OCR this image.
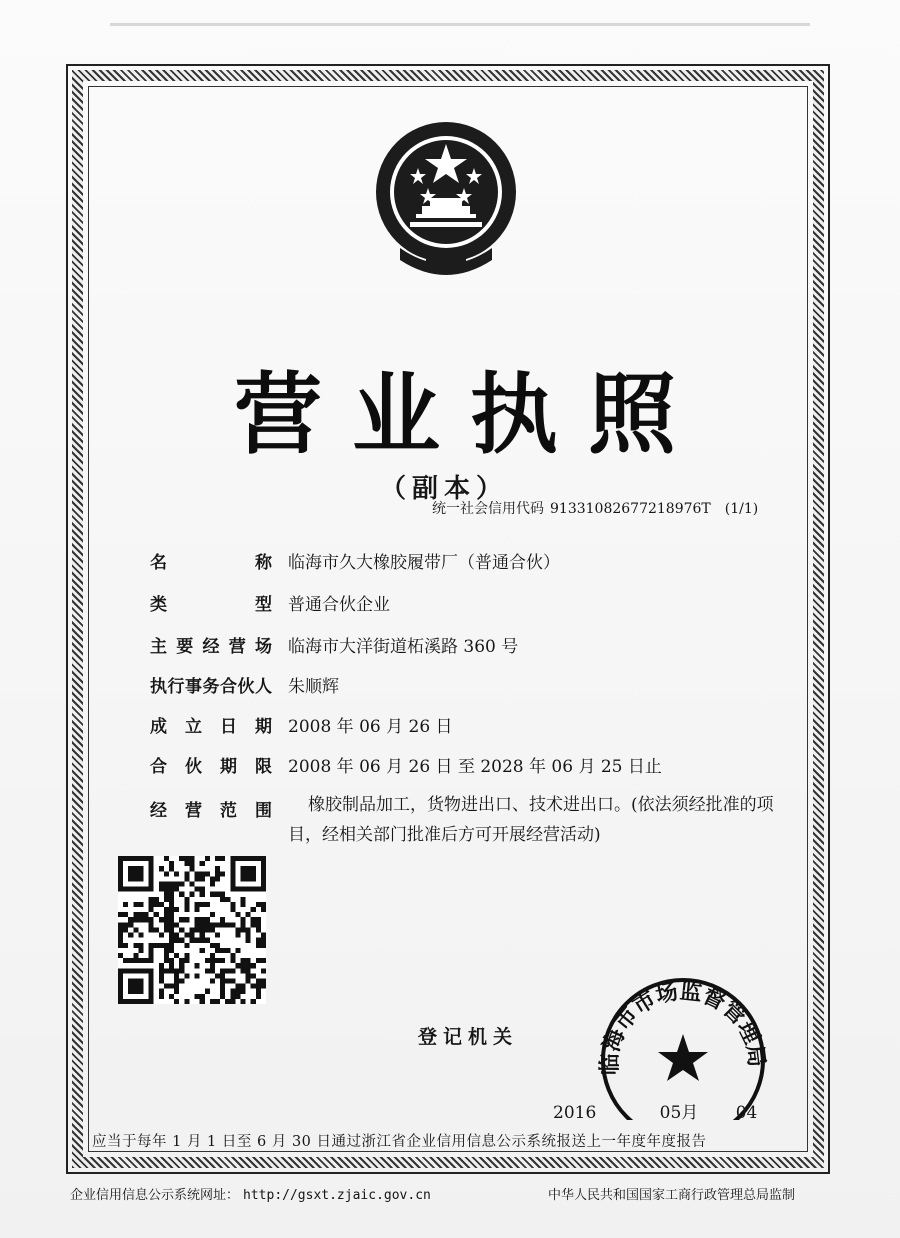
营业执照
（副本）
统一社会信用代码 91331082677218976T (1/1)
名称 临海市久大橡胶履带厂（普通合伙）
类型 普通合伙企业
主要经营场 临海市大洋街道柘溪路 360 号
执行事务合伙人 朱顺辉
成立日期 2008 年 06 月 26 日
合伙期限 2008 年 06 月 26 日 至 2028 年 06 月 25 日止
经营范围	橡胶制品加工，货物进出口、技术进出口。(依法须经批准的项目，经相关部门批准后方可开展经营活动)
登记机关
临海市市场监督管理局
2016	05月 04
应当于每年 1 月 1 日至 6 月 30 日通过浙江省企业信用信息公示系统报送上一年度年度报告
企业信用信息公示系统网址： http://gsxt.zjaic.gov.cn	中华人民共和国国家工商行政管理总局监制
